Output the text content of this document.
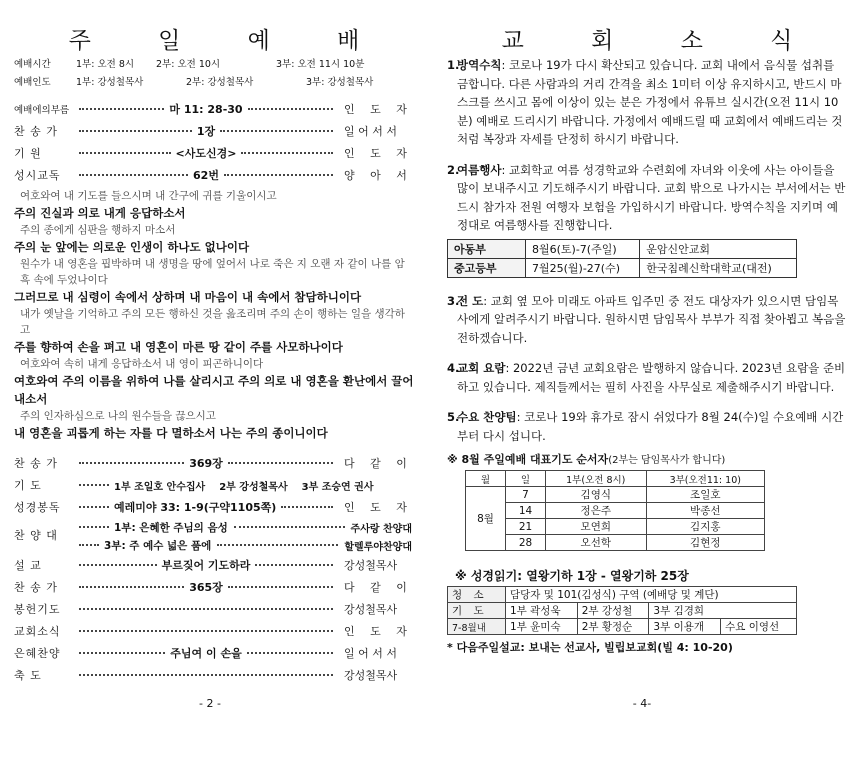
주 일 예 배
예배시간	1부: 오전 8시	2부: 오전 10시	3부: 오전 11시 10분
예배인도	1부: 강성철목사	2부: 강성철목사	3부: 강성철목사
예배에의부름	마 11: 28-30	인 도 자
찬 송 가	1장	일 어 서 서
기 원	<사도신경>	인 도 자
성시교독	62번	양 아 서
여호와여 내 기도를 들으시며 내 간구에 귀를 기울이시고
주의 진실과 의로 내게 응답하소서
주의 종에게 심판을 행하지 마소서
주의 눈 앞에는 의로운 인생이 하나도 없나이다
원수가 내 영혼을 핍박하며 내 생명을 땅에 엎어서 나로 죽은 지 오랜 자 같이 나를 암흑 속에 두었나이다
그러므로 내 심령이 속에서 상하며 내 마음이 내 속에서 참담하니이다
내가 옛날을 기억하고 주의 모든 행하신 것을 읊조리며 주의 손이 행하는 일을 생각하고
주를 향하여 손을 펴고 내 영혼이 마른 땅 같이 주를 사모하나이다
여호와여 속히 내게 응답하소서 내 영이 피곤하니이다
여호와여 주의 이름을 위하여 나를 살리시고 주의 의로 내 영혼을 환난에서 끌어내소서
주의 인자하심으로 나의 원수들을 끊으시고
내 영혼을 괴롭게 하는 자를 다 멸하소서 나는 주의 종이니이다
찬 송 가	369장	다 같 이
기 도	1부 조일호 안수집사 2부 강성철목사 3부 조승연 권사
성경봉독	예레미야 33: 1-9(구약1105쪽)	인 도 자
찬 양 대
1부: 은혜한 주님의 음성	주사랑 찬양대
3부: 주 예수 넓은 품에	할렐루야찬양대
설 교	부르짖어 기도하라	강성철목사
찬 송 가	365장	다 같 이
봉헌기도	강성철목사
교회소식	인 도 자
은혜찬양	주님여 이 손을	일 어 서 서
축 도	강성철목사
- 2 -
교 회 소 식
1.
방역수칙: 코로나 19가 다시 확산되고 있습니다. 교회 내에서 음식물 섭취를 금합니다. 다른 사람과의 거리 간격을 최소 1미터 이상 유지하시고, 반드시 마스크를 쓰시고 몸에 이상이 있는 분은 가정에서 유튜브 실시간(오전 11시 10분) 예배로 드리시기 바랍니다. 가정에서 예배드릴 때 교회에서 예배드리는 것처럼 복장과 자세를 단정히 하시기 바랍니다.
2.
여름행사: 교회학교 여름 성경학교와 수련회에 자녀와 이웃에 사는 아이들을 많이 보내주시고 기도해주시기 바랍니다. 교회 밖으로 나가시는 부서에서는 반드시 참가자 전원 여행자 보험을 가입하시기 바랍니다. 방역수칙을 지키며 예정대로 여름행사를 진행합니다.
아동부	8월6(토)-7(주일)	운암신안교회
중고등부	7월25(월)-27(수)	한국침례신학대학교(대전)
3.
전 도: 교회 옆 모아 미래도 아파트 입주민 중 전도 대상자가 있으시면 담임목사에게 알려주시기 바랍니다. 원하시면 담임목사 부부가 직접 찾아뵙고 복음을 전하겠습니다.
4.
교회 요람: 2022년 금년 교회요람은 발행하지 않습니다. 2023년 요람을 준비하고 있습니다. 제직들께서는 필히 사진을 사무실로 제출해주시기 바랍니다.
5.
수요 찬양팀: 코로나 19와 휴가로 잠시 쉬었다가 8월 24(수)일 수요예배 시간부터 다시 섭니다.
※ 8월 주일예배 대표기도 순서자(2부는 담임목사가 합니다)
월	일	1부(오전 8시)	3부(오전11: 10)
8월	7	김영식	조일호
	14	정은주	박종선
	21	모연희	김지홍
	28	오선학	김현정
※ 성경읽기: 열왕기하 1장 - 열왕기하 25장
청 소	담당자 및 101(김성식) 구역 (예배당 및 계단)			
기 도	1부 곽성욱	2부 강성철	3부 김경희	
7-8월내	1부 윤미숙	2부 황정순	3부 이용개	수요 이영선
* 다음주일설교: 보내는 선교사, 빌립보교회(빌 4: 10-20)
- 4-
